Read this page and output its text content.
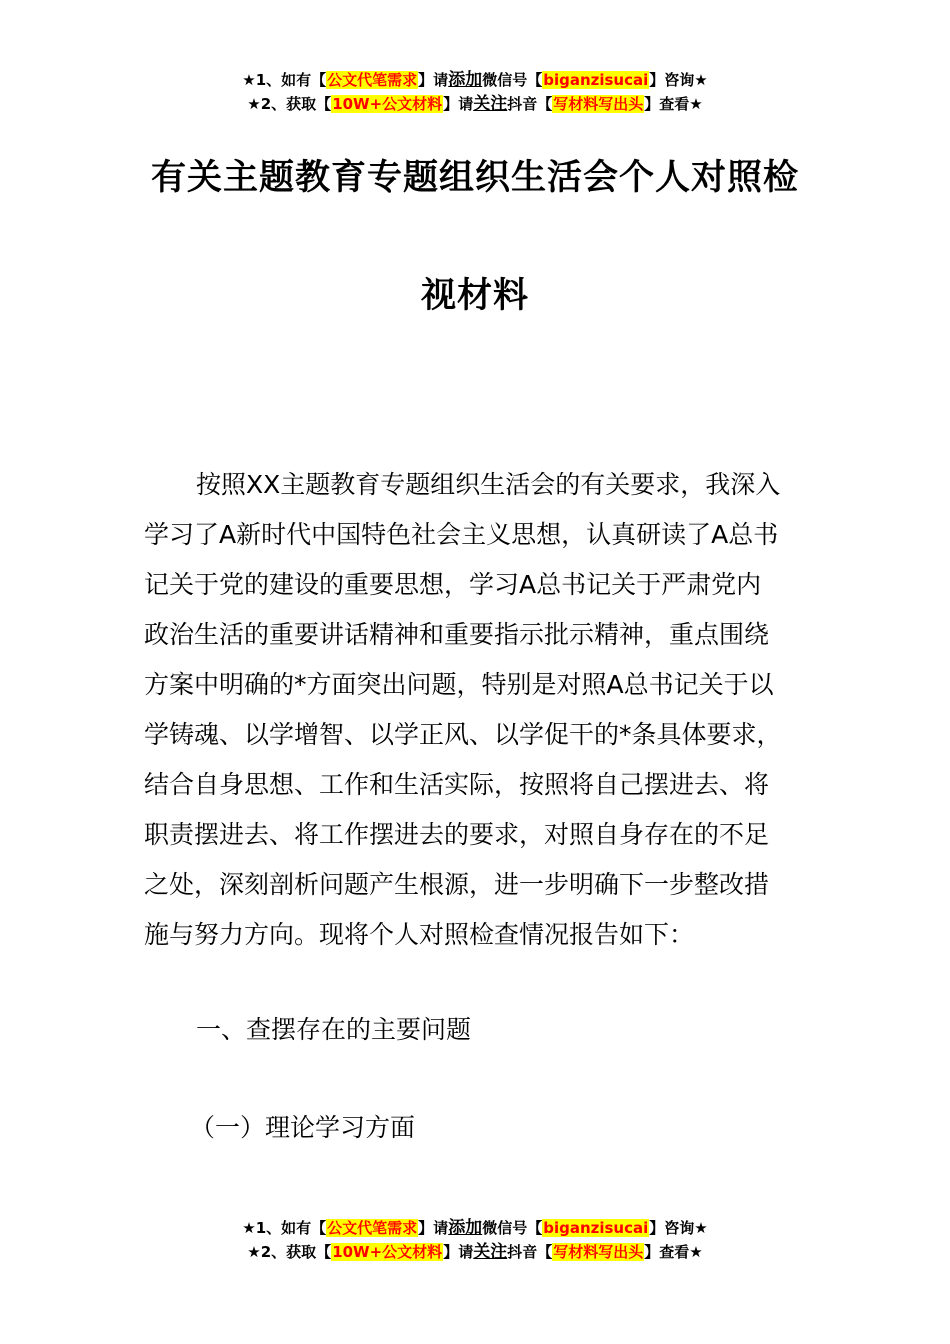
★1、如有【公文代笔需求】请添加微信号【biganzisucai】咨询★
★2、获取【10W+公文材料】请关注抖音【写材料写出头】查看★
有关主题教育专题组织生活会个人对照检
视材料
按照XX主题教育专题组织生活会的有关要求，我深入
学习了A新时代中国特色社会主义思想，认真研读了A总书
记关于党的建设的重要思想，学习A总书记关于严肃党内
政治生活的重要讲话精神和重要指示批示精神，重点围绕
方案中明确的*方面突出问题，特别是对照A总书记关于以
学铸魂、以学增智、以学正风、以学促干的*条具体要求，
结合自身思想、工作和生活实际，按照将自己摆进去、将
职责摆进去、将工作摆进去的要求，对照自身存在的不足
之处，深刻剖析问题产生根源，进一步明确下一步整改措
施与努力方向。现将个人对照检查情况报告如下：
一、查摆存在的主要问题
（一）理论学习方面
★1、如有【公文代笔需求】请添加微信号【biganzisucai】咨询★
★2、获取【10W+公文材料】请关注抖音【写材料写出头】查看★
